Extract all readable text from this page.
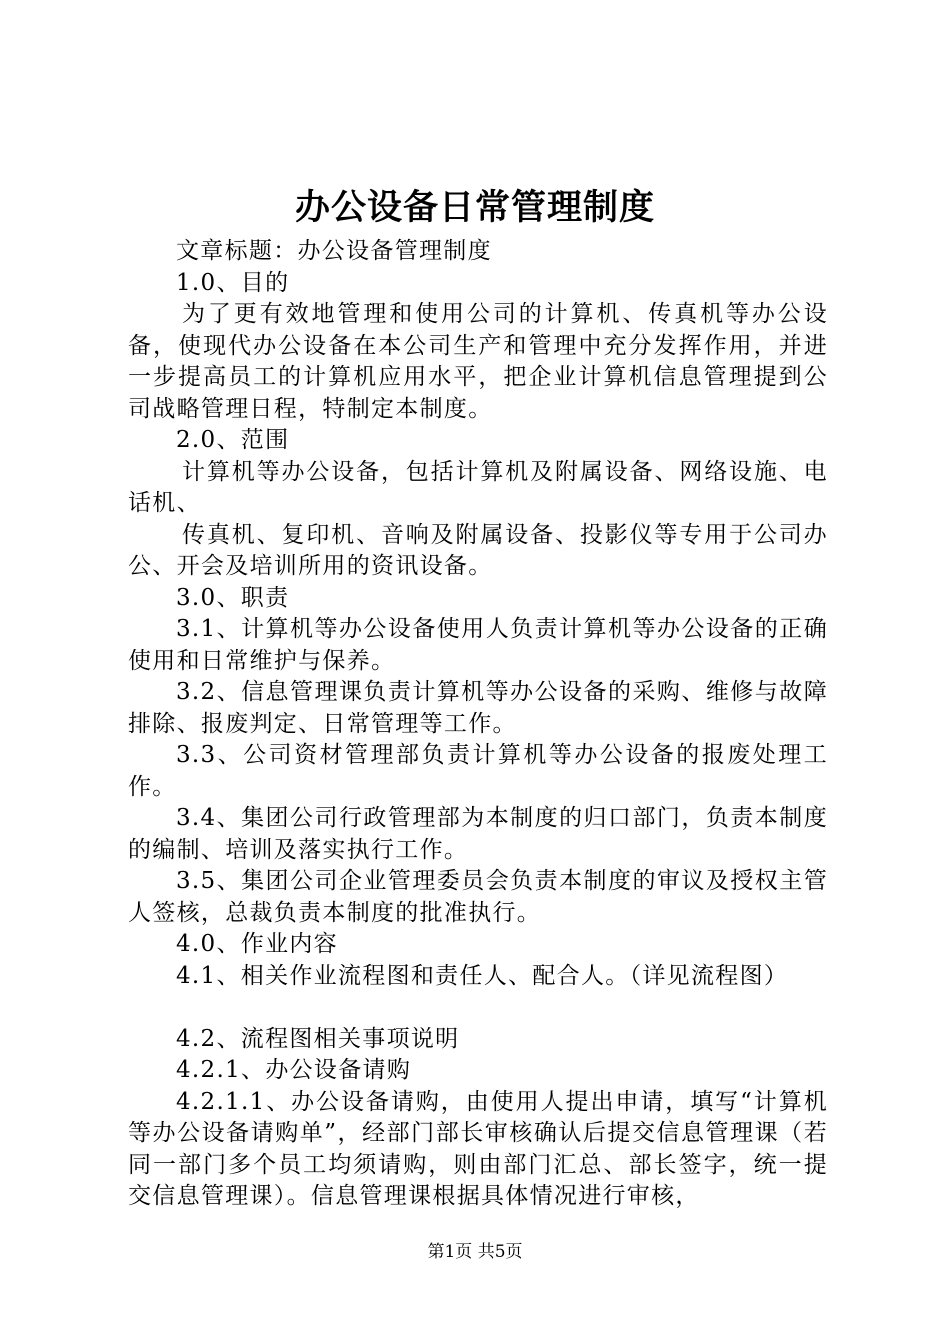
办公设备日常管理制度

文章标题：办公设备管理制度

1.0、目的

为了更有效地管理和使用公司的计算机、传真机等办公设备，使现代办公设备在本公司生产和管理中充分发挥作用，并进一步提高员工的计算机应用水平，把企业计算机信息管理提到公司战略管理日程，特制定本制度。

2.0、范围

计算机等办公设备，包括计算机及附属设备、网络设施、电话机、

传真机、复印机、音响及附属设备、投影仪等专用于公司办公、开会及培训所用的资讯设备。

3.0、职责

3.1、计算机等办公设备使用人负责计算机等办公设备的正确使用和日常维护与保养。

3.2、信息管理课负责计算机等办公设备的采购、维修与故障排除、报废判定、日常管理等工作。

3.3、公司资材管理部负责计算机等办公设备的报废处理工作。

3.4、集团公司行政管理部为本制度的归口部门，负责本制度的编制、培训及落实执行工作。

3.5、集团公司企业管理委员会负责本制度的审议及授权主管人签核，总裁负责本制度的批准执行。

4.0、作业内容

4.1、相关作业流程图和责任人、配合人。（详见流程图）

4.2、流程图相关事项说明

4.2.1、办公设备请购

4.2.1.1、办公设备请购，由使用人提出申请，填写“计算机等办公设备请购单”，经部门部长审核确认后提交信息管理课（若同一部门多个员工均须请购，则由部门汇总、部长签字，统一提交信息管理课）。信息管理课根据具体情况进行审核，

第1页 共5页
